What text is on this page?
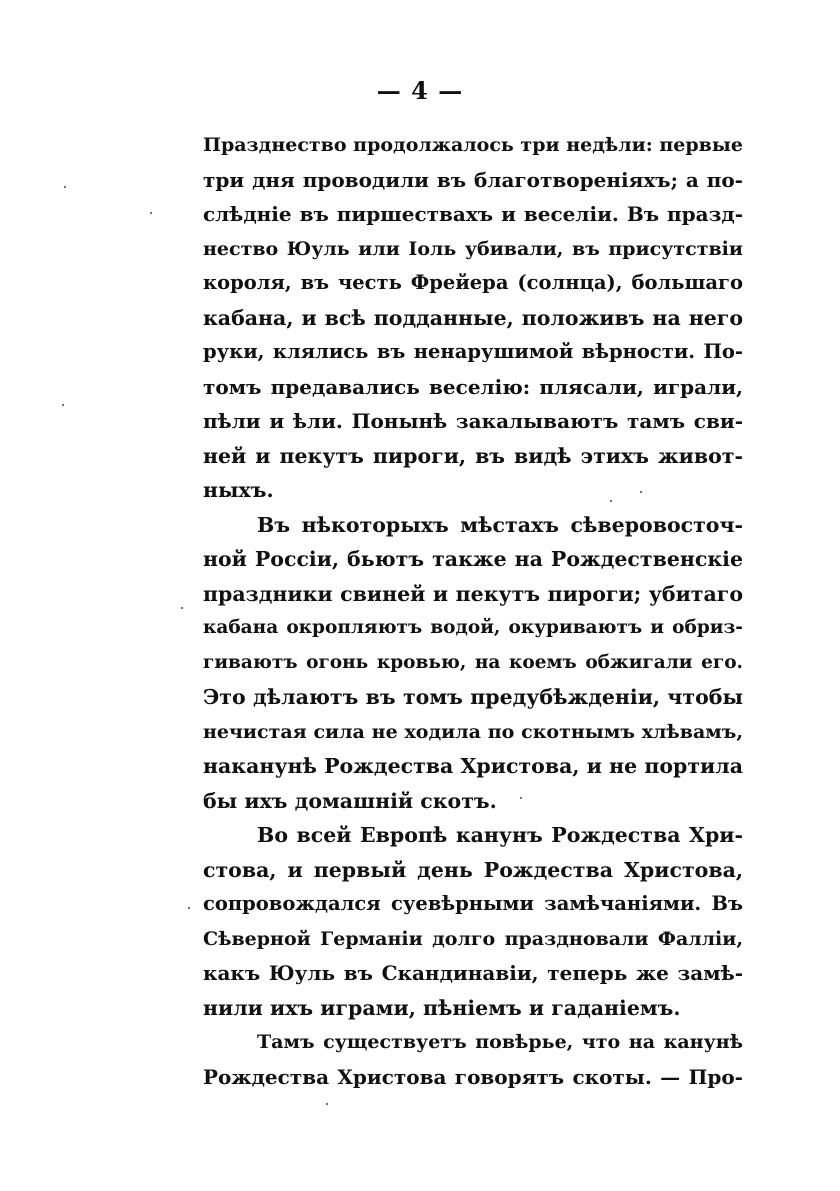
— 4 —
Празднество продолжалось три недѣли: первые
три дня проводили въ благотвореніяхъ; а по-
слѣдніе въ пиршествахъ и веселіи. Въ празд-
нество Юуль или Іоль убивали, въ присутствіи
короля, въ честь Фрейера (солнца), большаго
кабана, и всѣ подданные, положивъ на него
руки, клялись въ ненарушимой вѣрности. По-
томъ предавались веселію: плясали, играли,
пѣли и ѣли. Понынѣ закалываютъ тамъ сви-
ней и пекутъ пироги, въ видѣ этихъ живот-
ныхъ.
Въ нѣкоторыхъ мѣстахъ сѣверовосточ-
ной Россіи, бьютъ также на Рождественскіе
праздники свиней и пекутъ пироги; убитаго
кабана окропляютъ водой, окуриваютъ и обриз-
гиваютъ огонь кровью, на коемъ обжигали его.
Это дѣлаютъ въ томъ предубѣжденіи, чтобы
нечистая сила не ходила по скотнымъ хлѣвамъ,
наканунѣ Рождества Христова, и не портила
бы ихъ домашній скотъ.
Во всей Европѣ канунъ Рождества Хри-
стова, и первый день Рождества Христова,
сопровождался суевѣрными замѣчаніями. Въ
Сѣверной Германіи долго праздновали Фалліи,
какъ Юуль въ Скандинавіи, теперь же замѣ-
нили ихъ играми, пѣніемъ и гаданіемъ.
Тамъ существуетъ повѣрье, что на канунѣ
Рождества Христова говорятъ скоты. — Про-
